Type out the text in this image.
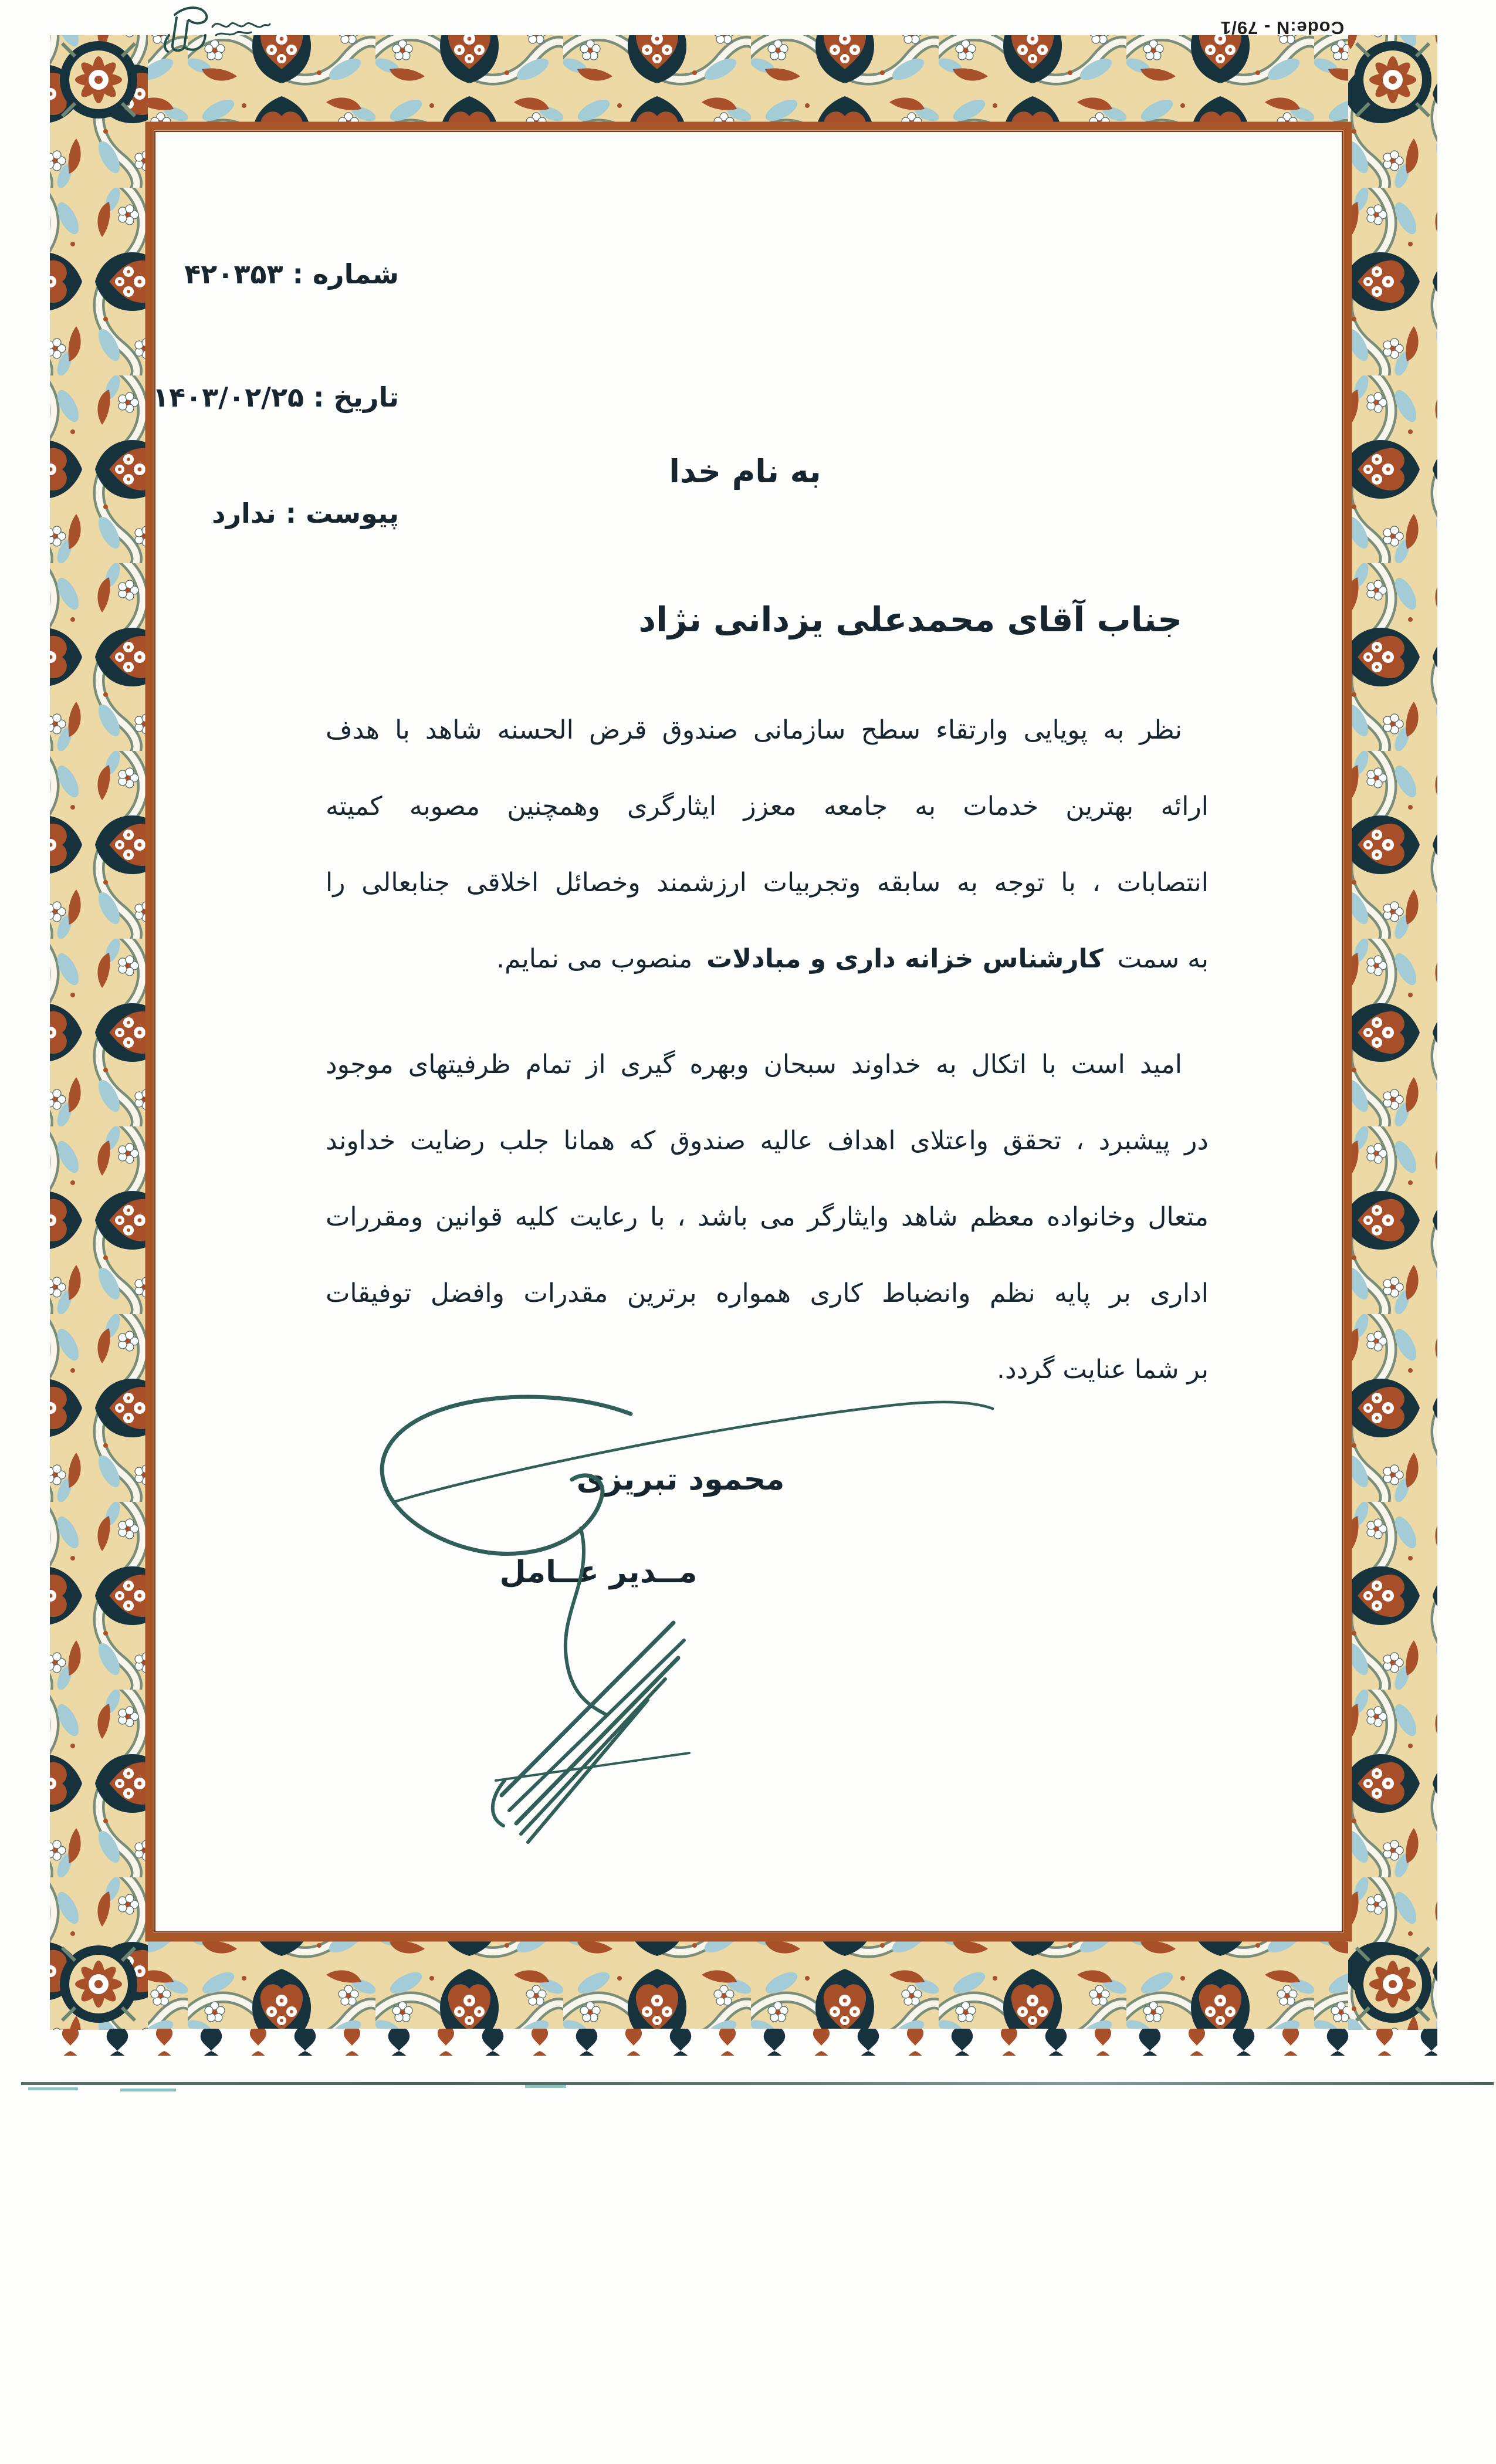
Code:N - 79/1
شماره : ۴۲۰۳۵۳
تاریخ : ۱۴۰۳/۰۲/۲۵
پیوست : ندارد
به نام خدا
جناب آقای محمدعلی یزدانی نژاد
نظر به پویایی وارتقاء سطح سازمانی صندوق قرض الحسنه شاهد با هدف
ارائه بهترین خدمات به جامعه معزز ایثارگری وهمچنین مصوبه کمیته
انتصابات ، با توجه به سابقه وتجربیات ارزشمند وخصائل اخلاقی جنابعالی را
به سمت کارشناس خزانه داری و مبادلات منصوب می نمایم.
امید است با اتکال به خداوند سبحان وبهره گیری از تمام ظرفیتهای موجود
در پیشبرد ، تحقق واعتلای اهداف عالیه صندوق که همانا جلب رضایت خداوند
متعال وخانواده معظم شاهد وایثارگر می باشد ، با رعایت کلیه قوانین ومقررات
اداری بر پایه نظم وانضباط کاری همواره برترین مقدرات وافضل توفیقات
بر شما عنایت گردد.
محمود تبریزی
مــدیر عــامل
